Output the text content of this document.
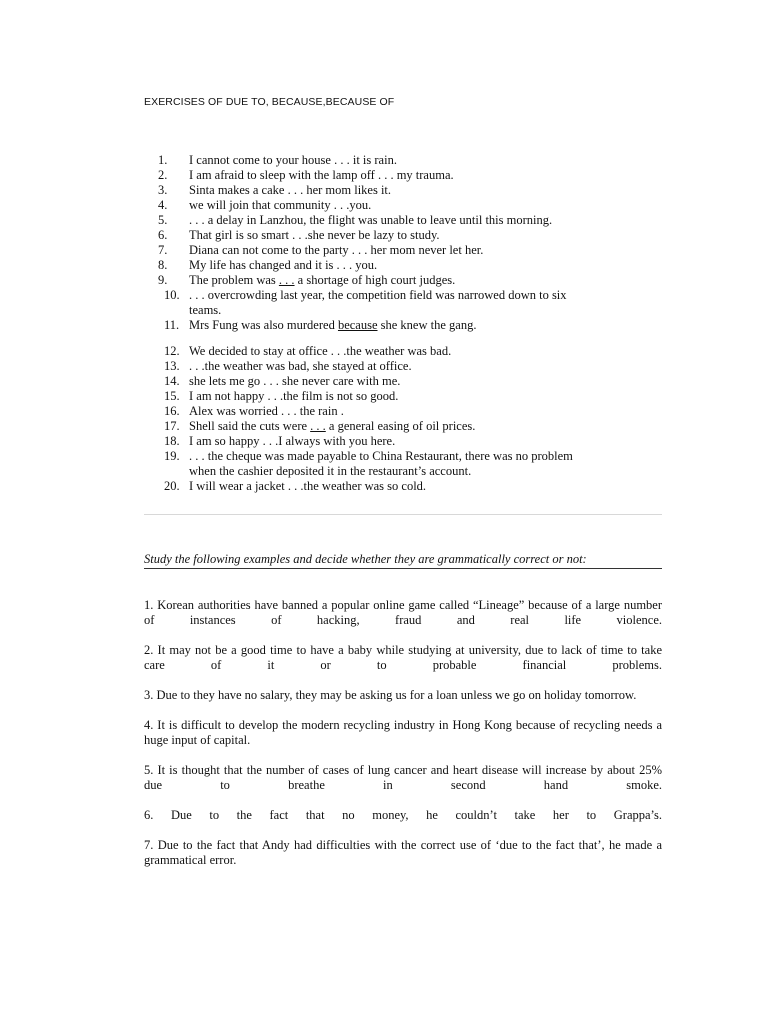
EXERCISES OF DUE TO, BECAUSE,BECAUSE OF
1.	I cannot come to your house . . . it is rain.
2.	I am afraid to sleep with the lamp off . . . my trauma.
3.	Sinta makes a cake . . . her mom likes it.
4.	we will join that community . . .you.
5.	. . . a delay in Lanzhou, the flight was unable to leave until this morning.
6.	That girl is so smart . . .she never be lazy to study.
7.	Diana can not come to the party . . . her mom never let her.
8.	My life has changed and it is . . . you.
9.	The problem was . . . a shortage of high court judges.
10. . . . overcrowding last year, the competition field was narrowed down to six
teams.
11. Mrs Fung was also murdered because she knew the gang.
12. We decided to stay at office . . .the weather was bad.
13. . . .the weather was bad, she stayed at office.
14. she lets me go . . . she never care with me.
15. I am not happy . . .the film is not so good.
16. Alex was worried . . . the rain .
17. Shell said the cuts were . . . a general easing of oil prices.
18. I am so happy . . .I always with you here.
19. . . . the cheque was made payable to China Restaurant, there was no problem
when the cashier deposited it in the restaurant’s account.
20. I will wear a jacket . . .the weather was so cold.
Study the following examples and decide whether they are grammatically correct or not:

1. Korean authorities have banned a popular online game called “Lineage” because of a large number of instances of hacking, fraud and real life violence.

2. It may not be a good time to have a baby while studying at university, due to lack of time to take care of it or to probable financial problems.

3. Due to they have no salary, they may be asking us for a loan unless we go on holiday tomorrow.

4. It is difficult to develop the modern recycling industry in Hong Kong because of recycling needs a huge input of capital.

5. It is thought that the number of cases of lung cancer and heart disease will increase by about 25% due to breathe in second hand smoke.

6. Due to the fact that no money, he couldn’t take her to Grappa’s.

7. Due to the fact that Andy had difficulties with the correct use of ‘due to the fact that’, he made a grammatical error.
